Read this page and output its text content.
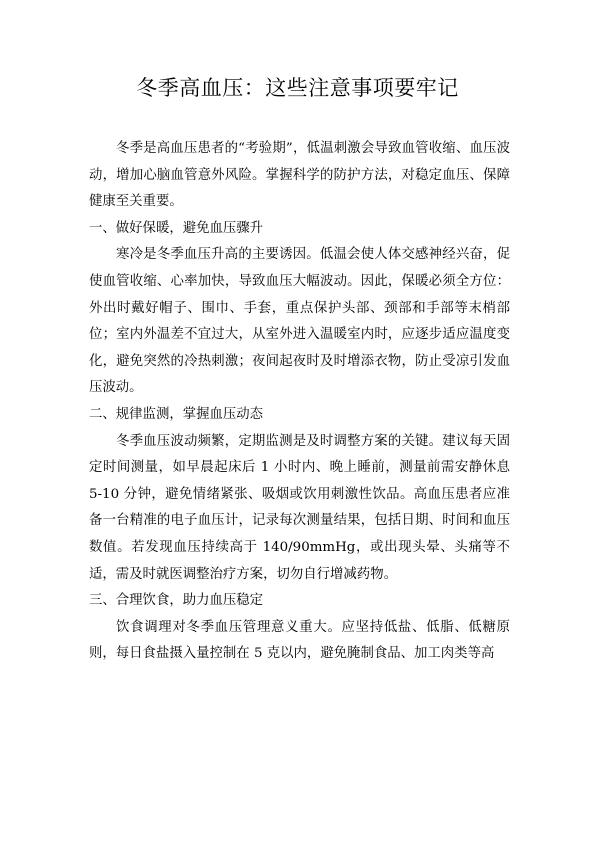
冬季高血压：这些注意事项要牢记

冬季是高血压患者的“考验期”，低温刺激会导致血管收缩、血压波动，增加心脑血管意外风险。掌握科学的防护方法，对稳定血压、保障健康至关重要。

一、做好保暖，避免血压骤升

寒冷是冬季血压升高的主要诱因。低温会使人体交感神经兴奋，促使血管收缩、心率加快，导致血压大幅波动。因此，保暖必须全方位：外出时戴好帽子、围巾、手套，重点保护头部、颈部和手部等末梢部位；室内外温差不宜过大，从室外进入温暖室内时，应逐步适应温度变化，避免突然的冷热刺激；夜间起夜时及时增添衣物，防止受凉引发血压波动。

二、规律监测，掌握血压动态

冬季血压波动频繁，定期监测是及时调整方案的关键。建议每天固定时间测量，如早晨起床后 1 小时内、晚上睡前，测量前需安静休息 5-10 分钟，避免情绪紧张、吸烟或饮用刺激性饮品。高血压患者应准备一台精准的电子血压计，记录每次测量结果，包括日期、时间和血压数值。若发现血压持续高于 140/90mmHg，或出现头晕、头痛等不适，需及时就医调整治疗方案，切勿自行增减药物。

三、合理饮食，助力血压稳定

饮食调理对冬季血压管理意义重大。应坚持低盐、低脂、低糖原则，每日食盐摄入量控制在 5 克以内，避免腌制食品、加工肉类等高
